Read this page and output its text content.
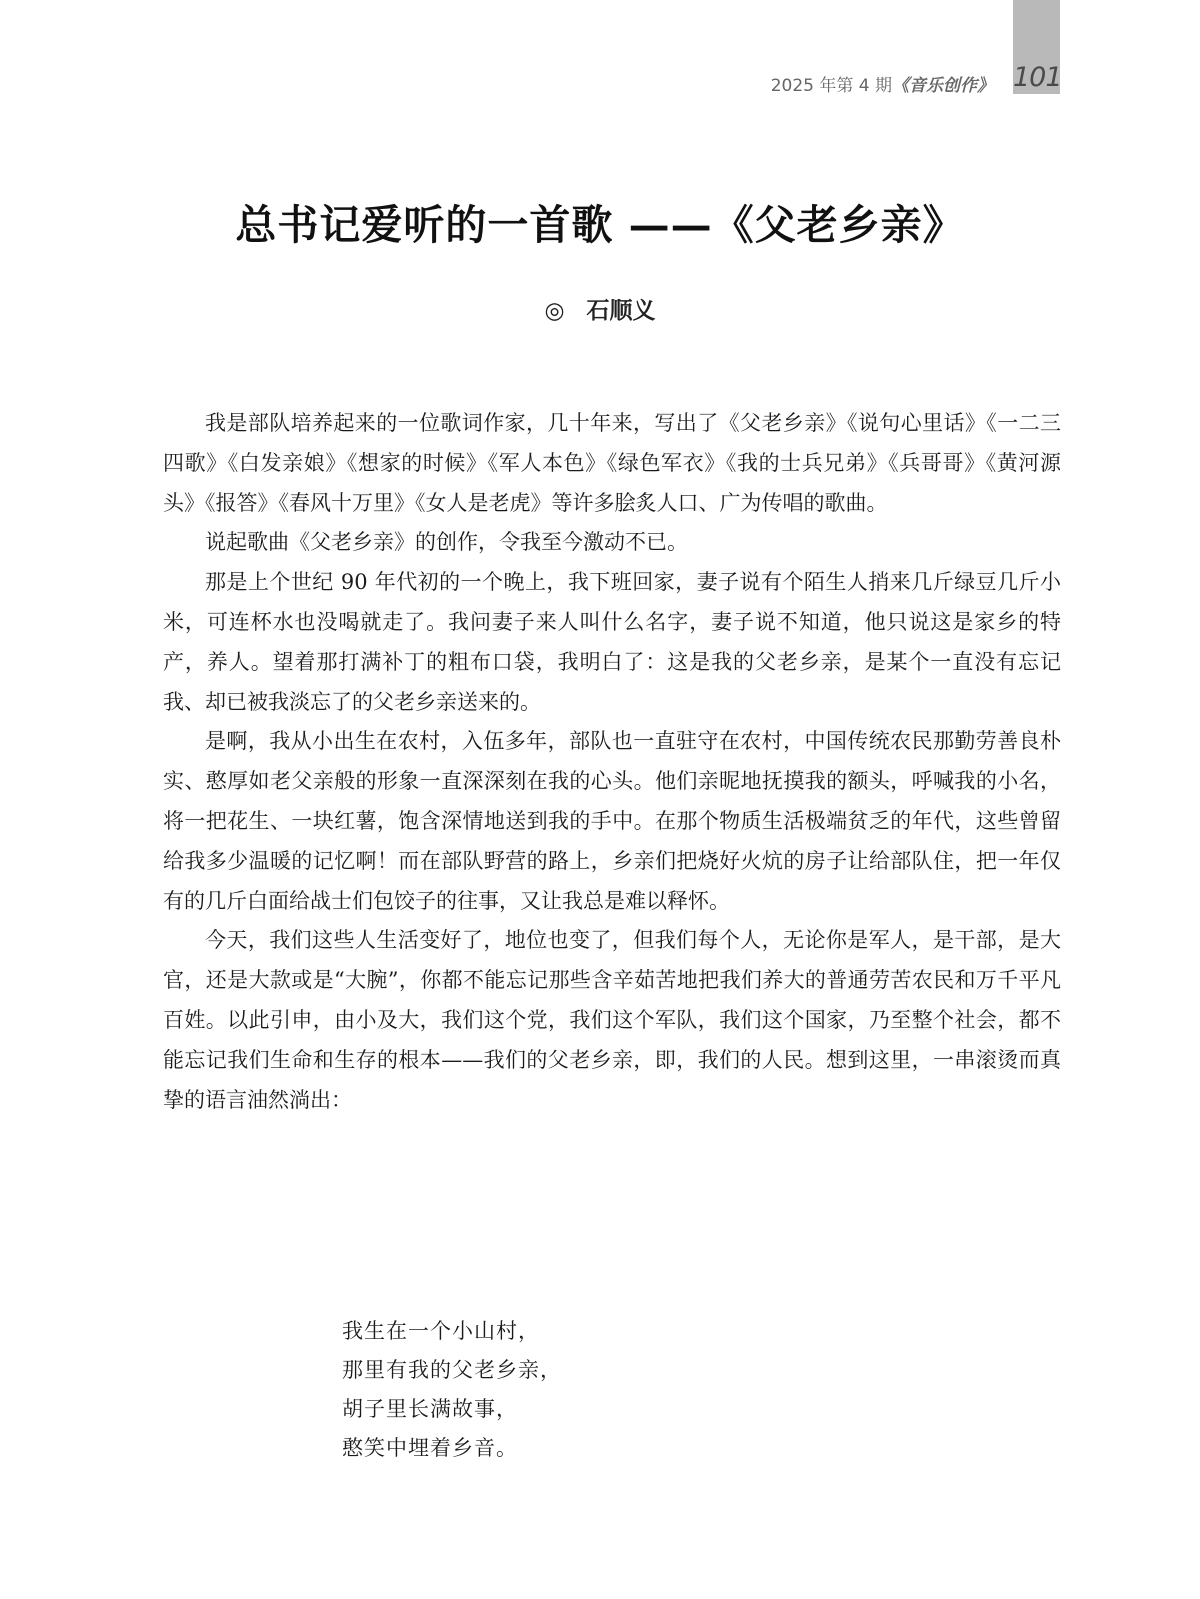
101
2025 年第 4 期《音乐创作》
总书记爱听的一首歌 ——《父老乡亲》
◎ 石顺义

我是部队培养起来的一位歌词作家，几十年来，写出了《父老乡亲》《说句心里话》《一二三四歌》《白发亲娘》《想家的时候》《军人本色》《绿色军衣》《我的士兵兄弟》《兵哥哥》《黄河源头》《报答》《春风十万里》《女人是老虎》等许多脍炙人口、广为传唱的歌曲。

说起歌曲《父老乡亲》的创作，令我至今激动不已。

那是上个世纪 90 年代初的一个晚上，我下班回家，妻子说有个陌生人捎来几斤绿豆几斤小米，可连杯水也没喝就走了。我问妻子来人叫什么名字，妻子说不知道，他只说这是家乡的特产，养人。望着那打满补丁的粗布口袋，我明白了：这是我的父老乡亲，是某个一直没有忘记我、却已被我淡忘了的父老乡亲送来的。

是啊，我从小出生在农村，入伍多年，部队也一直驻守在农村，中国传统农民那勤劳善良朴实、憨厚如老父亲般的形象一直深深刻在我的心头。他们亲昵地抚摸我的额头，呼喊我的小名，将一把花生、一块红薯，饱含深情地送到我的手中。在那个物质生活极端贫乏的年代，这些曾留给我多少温暖的记忆啊！而在部队野营的路上，乡亲们把烧好火炕的房子让给部队住，把一年仅有的几斤白面给战士们包饺子的往事，又让我总是难以释怀。

今天，我们这些人生活变好了，地位也变了，但我们每个人，无论你是军人，是干部，是大官，还是大款或是“大腕”，你都不能忘记那些含辛茹苦地把我们养大的普通劳苦农民和万千平凡百姓。以此引申，由小及大，我们这个党，我们这个军队，我们这个国家，乃至整个社会，都不能忘记我们生命和生存的根本——我们的父老乡亲，即，我们的人民。想到这里，一串滚烫而真挚的语言油然淌出：

我生在一个小山村，
那里有我的父老乡亲，
胡子里长满故事，
憨笑中埋着乡音。
